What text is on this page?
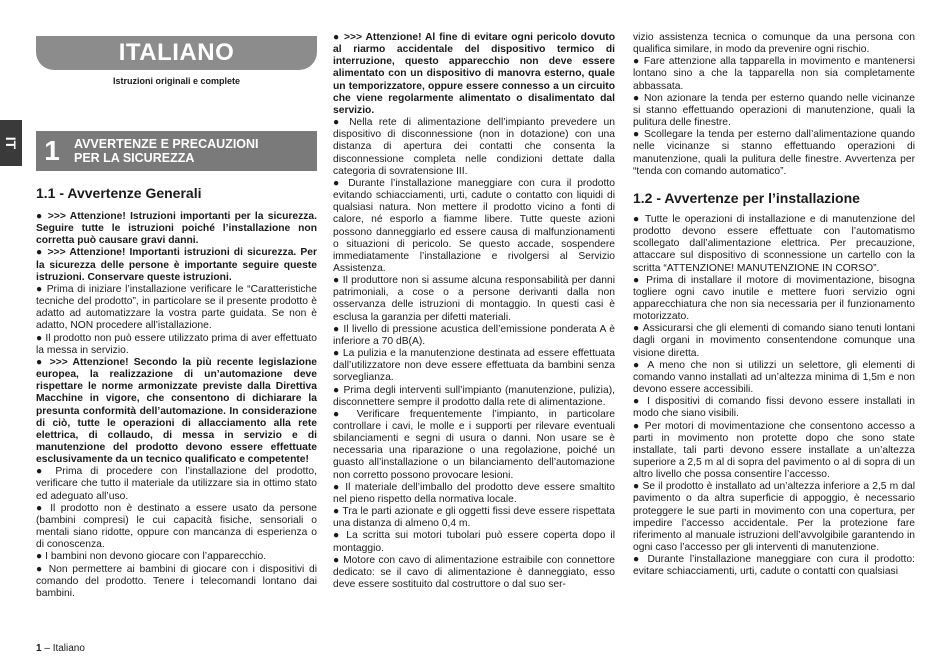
IT
ITALIANO
Istruzioni originali e complete
1	AVVERTENZE E PRECAUZIONI
PER LA SICUREZZA
1.1 - Avvertenze Generali

● >>> Attenzione! Istruzioni importanti per la sicurezza. Seguire tutte le istruzioni poiché l’installazione non corretta può causare gravi danni.

● >>> Attenzione! Importanti istruzioni di sicurezza. Per la sicurezza delle persone è importante seguire queste istruzioni. Conservare queste istruzioni.

● Prima di iniziare l’installazione verificare le “Caratteristiche tecniche del prodotto”, in particolare se il presente prodotto è adatto ad automatizzare la vostra parte guidata. Se non è adatto, NON procedere all’istallazione.

● Il prodotto non può essere utilizzato prima di aver effettuato la messa in servizio.

● >>> Attenzione! Secondo la più recente legislazione europea, la realizzazione di un’automazione deve rispettare le norme armonizzate previste dalla Direttiva Macchine in vigore, che consentono di dichiarare la presunta conformità dell’automazione. In considerazione di ciò, tutte le operazioni di allacciamento alla rete elettrica, di collaudo, di messa in servizio e di manutenzione del prodotto devono essere effettuate esclusivamente da un tecnico qualificato e competente!

● Prima di procedere con l’installazione del prodotto, verificare che tutto il materiale da utilizzare sia in ottimo stato ed adeguato all’uso.

● Il prodotto non è destinato a essere usato da persone (bambini compresi) le cui capacità fisiche, sensoriali o mentali siano ridotte, oppure con mancanza di esperienza o di conoscenza.

● I bambini non devono giocare con l’apparecchio.

● Non permettere ai bambini di giocare con i dispositivi di comando del prodotto. Tenere i telecomandi lontano dai bambini.

● >>> Attenzione! Al fine di evitare ogni pericolo dovuto al riarmo accidentale del dispositivo termico di interruzione, questo apparecchio non deve essere alimentato con un dispositivo di manovra esterno, quale un temporizzatore, oppure essere connesso a un circuito che viene regolarmente alimentato o disalimentato dal servizio.

● Nella rete di alimentazione dell’impianto prevedere un dispositivo di disconnessione (non in dotazione) con una distanza di apertura dei contatti che consenta la disconnessione completa nelle condizioni dettate dalla categoria di sovratensione III.

● Durante l’installazione maneggiare con cura il prodotto evitando schiacciamenti, urti, cadute o contatto con liquidi di qualsiasi natura. Non mettere il prodotto vicino a fonti di calore, né esporlo a fiamme libere. Tutte queste azioni possono danneggiarlo ed essere causa di malfunzionamenti o situazioni di pericolo. Se questo accade, sospendere immediatamente l’installazione e rivolgersi al Servizio Assistenza.

● Il produttore non si assume alcuna responsabilità per danni patrimoniali, a cose o a persone derivanti dalla non osservanza delle istruzioni di montaggio. In questi casi è esclusa la garanzia per difetti materiali.

● Il livello di pressione acustica dell’emissione ponderata A è inferiore a 70 dB(A).

● La pulizia e la manutenzione destinata ad essere effettuata dall’utilizzatore non deve essere effettuata da bambini senza sorveglianza.

● Prima degli interventi sull’impianto (manutenzione, pulizia), disconnettere sempre il prodotto dalla rete di alimentazione.

● Verificare frequentemente l’impianto, in particolare controllare i cavi, le molle e i supporti per rilevare eventuali sbilanciamenti e segni di usura o danni. Non usare se è necessaria una riparazione o una regolazione, poiché un guasto all’installazione o un bilanciamento dell’automazione non corretto possono provocare lesioni.

● Il materiale dell’imballo del prodotto deve essere smaltito nel pieno rispetto della normativa locale.

● Tra le parti azionate e gli oggetti fissi deve essere rispettata una distanza di almeno 0,4 m.

● La scritta sui motori tubolari può essere coperta dopo il montaggio.

● Motore con cavo di alimentazione estraibile con connettore dedicato: se il cavo di alimentazione è danneggiato, esso deve essere sostituito dal costruttore o dal suo ser-

vizio assistenza tecnica o comunque da una persona con qualifica similare, in modo da prevenire ogni rischio.

● Fare attenzione alla tapparella in movimento e mantenersi lontano sino a che la tapparella non sia completamente abbassata.

● Non azionare la tenda per esterno quando nelle vicinanze si stanno effettuando operazioni di manutenzione, quali la pulitura delle finestre.

● Scollegare la tenda per esterno dall’alimentazione quando nelle vicinanze si stanno effettuando operazioni di manutenzione, quali la pulitura delle finestre. Avvertenza per “tenda con comando automatico”.

1.2 - Avvertenze per l’installazione

● Tutte le operazioni di installazione e di manutenzione del prodotto devono essere effettuate con l’automatismo scollegato dall’alimentazione elettrica. Per precauzione, attaccare sul dispositivo di sconnessione un cartello con la scritta “ATTENZIONE! MANUTENZIONE IN CORSO”.

● Prima di installare il motore di movimentazione, bisogna togliere ogni cavo inutile e mettere fuori servizio ogni apparecchiatura che non sia necessaria per il funzionamento motorizzato.

● Assicurarsi che gli elementi di comando siano tenuti lontani dagli organi in movimento consentendone comunque una visione diretta.

● A meno che non si utilizzi un selettore, gli elementi di comando vanno installati ad un’altezza minima di 1,5m e non devono essere accessibili.

● I dispositivi di comando fissi devono essere installati in modo che siano visibili.

● Per motori di movimentazione che consentono accesso a parti in movimento non protette dopo che sono state installate, tali parti devono essere installate a un’altezza superiore a 2,5 m al di sopra del pavimento o al di sopra di un altro livello che possa consentire l’accesso.

● Se il prodotto è installato ad un’altezza inferiore a 2,5 m dal pavimento o da altra superficie di appoggio, è necessario proteggere le sue parti in movimento con una copertura, per impedire l’accesso accidentale. Per la protezione fare riferimento al manuale istruzioni dell’avvolgibile garantendo in ogni caso l’accesso per gli interventi di manutenzione.

● Durante l’installazione maneggiare con cura il prodotto: evitare schiacciamenti, urti, cadute o contatti con qualsiasi

1 – Italiano
